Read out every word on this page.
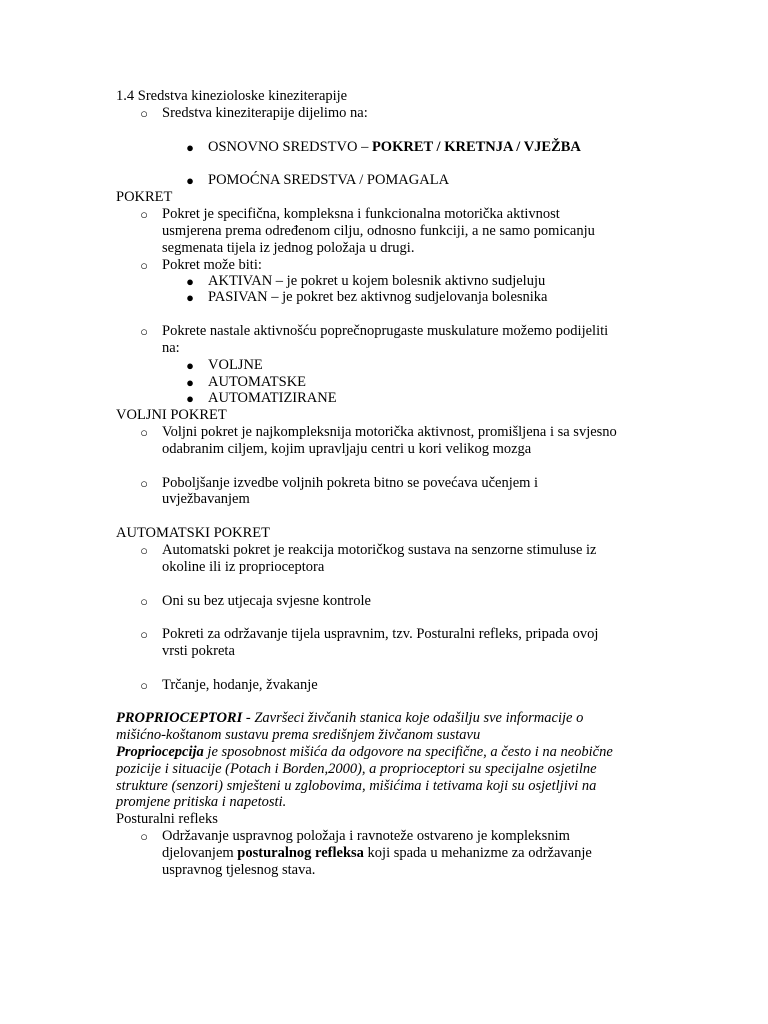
1.4 Sredstva kinezioloske kineziterapije
○ Sredstva kineziterapije dijelimo na:
● OSNOVNO SREDSTVO – POKRET / KRETNJA / VJEŽBA
● POMOĆNA SREDSTVA / POMAGALA
POKRET
○ Pokret je specifična, kompleksna i funkcionalna motorička aktivnost
usmjerena prema određenom cilju, odnosno funkciji, a ne samo pomicanju
segmenata tijela iz jednog položaja u drugi.
○ Pokret može biti:
● AKTIVAN – je pokret u kojem bolesnik aktivno sudjeluju
● PASIVAN – je pokret bez aktivnog sudjelovanja bolesnika
○ Pokrete nastale aktivnošću poprečnoprugaste muskulature možemo podijeliti
na:
● VOLJNE
● AUTOMATSKE
● AUTOMATIZIRANE
VOLJNI POKRET
○ Voljni pokret je najkompleksnija motorička aktivnost, promišljena i sa svjesno
odabranim ciljem, kojim upravljaju centri u kori velikog mozga
○ Poboljšanje izvedbe voljnih pokreta bitno se povećava učenjem i
uvježbavanjem
AUTOMATSKI POKRET
○ Automatski pokret je reakcija motoričkog sustava na senzorne stimuluse iz
okoline ili iz proprioceptora
○ Oni su bez utjecaja svjesne kontrole
○ Pokreti za održavanje tijela uspravnim, tzv. Posturalni refleks, pripada ovoj
vrsti pokreta
○ Trčanje, hodanje, žvakanje
PROPRIOCEPTORI - Završeci živčanih stanica koje odašilju sve informacije o
mišićno-koštanom sustavu prema središnjem živčanom sustavu
Propriocepcija je sposobnost mišića da odgovore na specifične, a često i na neobične
pozicije i situacije (Potach i Borden,2000), a proprioceptori su specijalne osjetilne
strukture (senzori) smješteni u zglobovima, mišićima i tetivama koji su osjetljivi na
promjene pritiska i napetosti.
Posturalni refleks
○ Održavanje uspravnog položaja i ravnoteže ostvareno je kompleksnim
djelovanjem posturalnog refleksa koji spada u mehanizme za održavanje
uspravnog tjelesnog stava.
